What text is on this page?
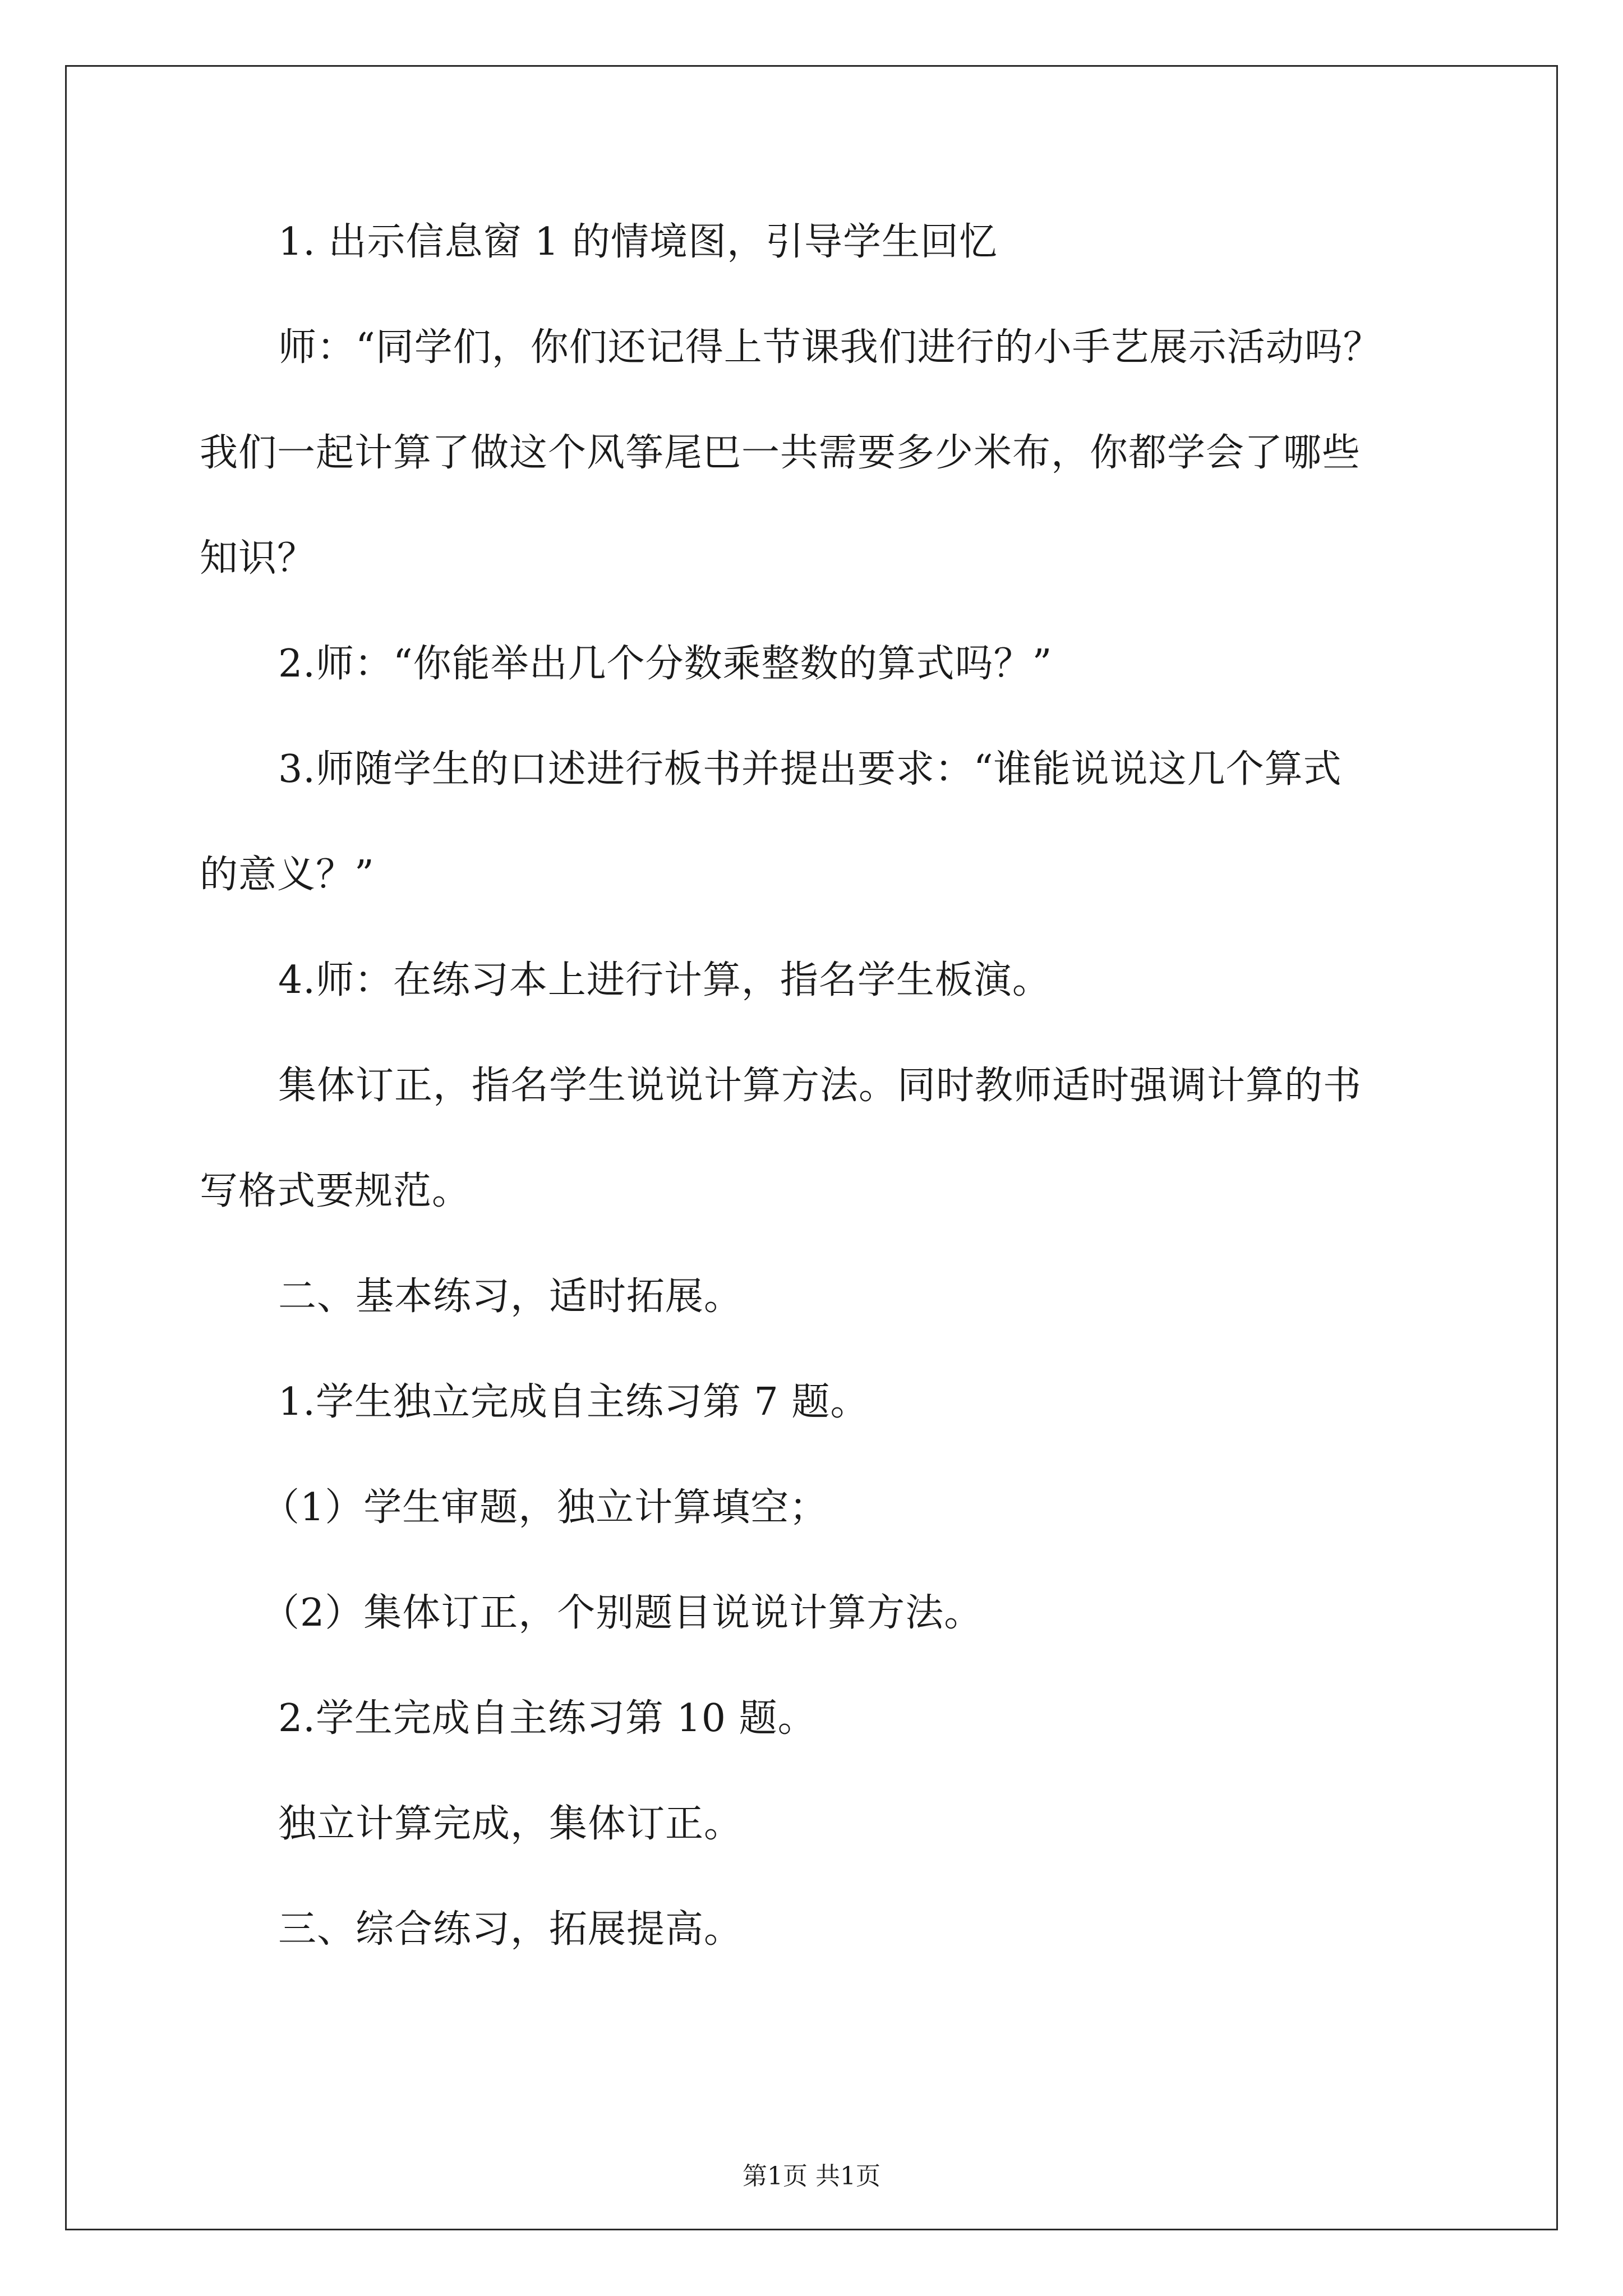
1. 出示信息窗 1 的情境图，引导学生回忆
师：“同学们，你们还记得上节课我们进行的小手艺展示活动吗？
我们一起计算了做这个风筝尾巴一共需要多少米布，你都学会了哪些
知识？
2.师：“你能举出几个分数乘整数的算式吗？”
3.师随学生的口述进行板书并提出要求：“谁能说说这几个算式
的意义？”
4.师：在练习本上进行计算，指名学生板演。
集体订正，指名学生说说计算方法。同时教师适时强调计算的书
写格式要规范。
二、基本练习，适时拓展。
1.学生独立完成自主练习第 7 题。
（1）学生审题，独立计算填空；
（2）集体订正，个别题目说说计算方法。
2.学生完成自主练习第 10 题。
独立计算完成，集体订正。
三、综合练习，拓展提高。
第1页 共1页
